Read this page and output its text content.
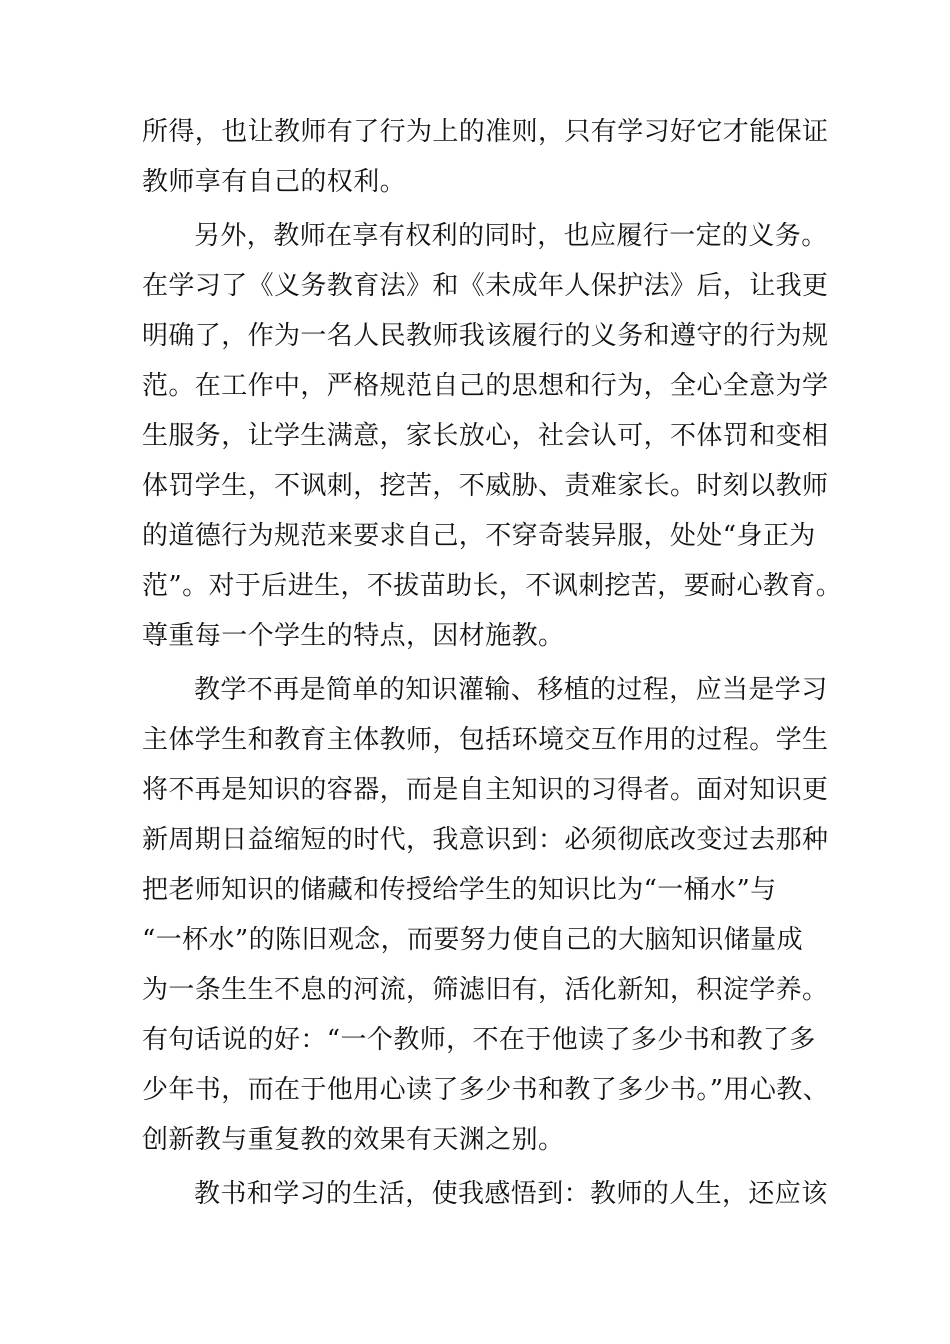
所得，也让教师有了行为上的准则，只有学习好它才能保证
教师享有自己的权利。
另外，教师在享有权利的同时，也应履行一定的义务。
在学习了《义务教育法》和《未成年人保护法》后，让我更
明确了，作为一名人民教师我该履行的义务和遵守的行为规
范。在工作中，严格规范自己的思想和行为，全心全意为学
生服务，让学生满意，家长放心，社会认可，不体罚和变相
体罚学生，不讽刺，挖苦，不威胁、责难家长。时刻以教师
的道德行为规范来要求自己，不穿奇装异服，处处“身正为
范”。对于后进生，不拔苗助长，不讽刺挖苦，要耐心教育。
尊重每一个学生的特点，因材施教。
教学不再是简单的知识灌输、移植的过程，应当是学习
主体学生和教育主体教师，包括环境交互作用的过程。学生
将不再是知识的容器，而是自主知识的习得者。面对知识更
新周期日益缩短的时代，我意识到：必须彻底改变过去那种
把老师知识的储藏和传授给学生的知识比为“一桶水”与
“一杯水”的陈旧观念，而要努力使自己的大脑知识储量成
为一条生生不息的河流，筛滤旧有，活化新知，积淀学养。
有句话说的好：“一个教师，不在于他读了多少书和教了多
少年书，而在于他用心读了多少书和教了多少书。”用心教、
创新教与重复教的效果有天渊之别。
教书和学习的生活，使我感悟到：教师的人生，还应该
